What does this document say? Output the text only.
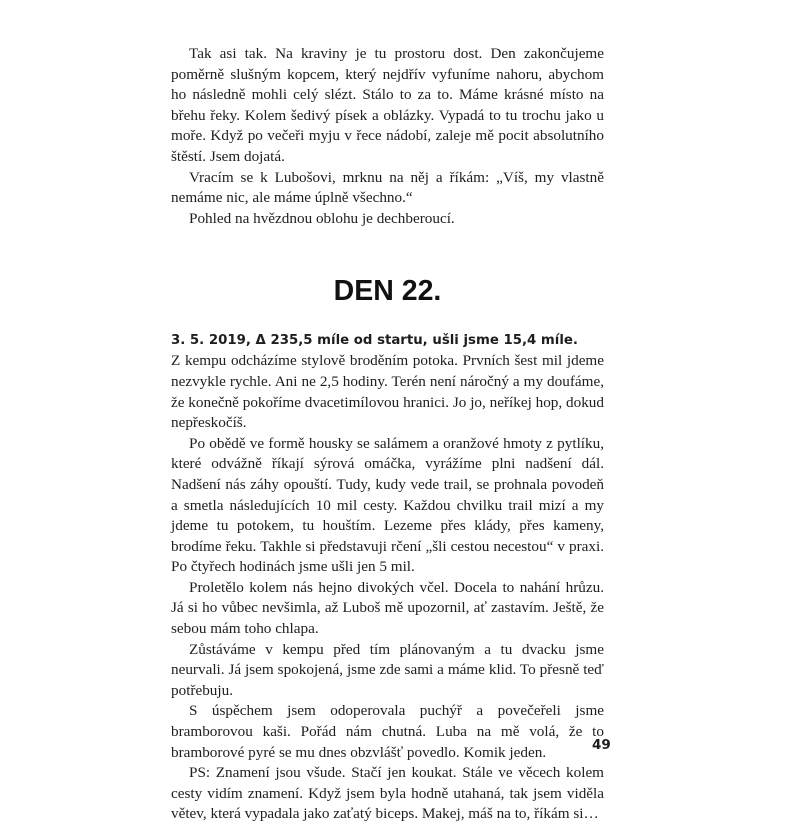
Tak asi tak. Na kraviny je tu prostoru dost. Den zakončujeme poměrně slušným kopcem, který nejdřív vyfuníme nahoru, abychom ho následně mohli celý slézt. Stálo to za to. Máme krásné místo na břehu řeky. Kolem šedivý písek a oblázky. Vypadá to tu trochu jako u moře. Když po večeři myju v řece nádobí, zaleje mě pocit absolutního štěstí. Jsem dojatá.

Vracím se k Lubošovi, mrknu na něj a říkám: „Víš, my vlastně nemáme nic, ale máme úplně všechno.“

Pohled na hvězdnou oblohu je dechberoucí.

DEN 22.

3. 5. 2019, Δ 235,5 míle od startu, ušli jsme 15,4 míle.

Z kempu odcházíme stylově broděním potoka. Prvních šest mil jdeme nezvykle rychle. Ani ne 2,5 hodiny. Terén není náročný a my doufáme, že konečně pokoříme dvacetimílovou hranici. Jo jo, neříkej hop, dokud nepřeskočíš.

Po obědě ve formě housky se salámem a oranžové hmoty z pytlíku, které odvážně říkají sýrová omáčka, vyrážíme plni nadšení dál. Nadšení nás záhy opouští. Tudy, kudy vede trail, se prohnala povodeň a smetla následujících 10 mil cesty. Každou chvilku trail mizí a my jdeme tu potokem, tu houštím. Lezeme přes klády, přes kameny, brodíme řeku. Takhle si představuji rčení „šli cestou necestou“ v praxi. Po čtyřech hodinách jsme ušli jen 5 mil.

Proletělo kolem nás hejno divokých včel. Docela to nahání hrůzu. Já si ho vůbec nevšimla, až Luboš mě upozornil, ať zastavím. Ještě, že sebou mám toho chlapa.

Zůstáváme v kempu před tím plánovaným a tu dvacku jsme neurvali. Já jsem spokojená, jsme zde sami a máme klid. To přesně teď potřebuju.

S úspěchem jsem odoperovala puchýř a povečeřeli jsme bramborovou kaši. Pořád nám chutná. Luba na mě volá, že to bramborové pyré se mu dnes obzvlášť povedlo. Komik jeden.

PS: Znamení jsou všude. Stačí jen koukat. Stále ve věcech kolem cesty vidím znamení. Když jsem byla hodně utahaná, tak jsem viděla větev, která vypadala jako zaťatý biceps. Makej, máš na to, říkám si…

49
